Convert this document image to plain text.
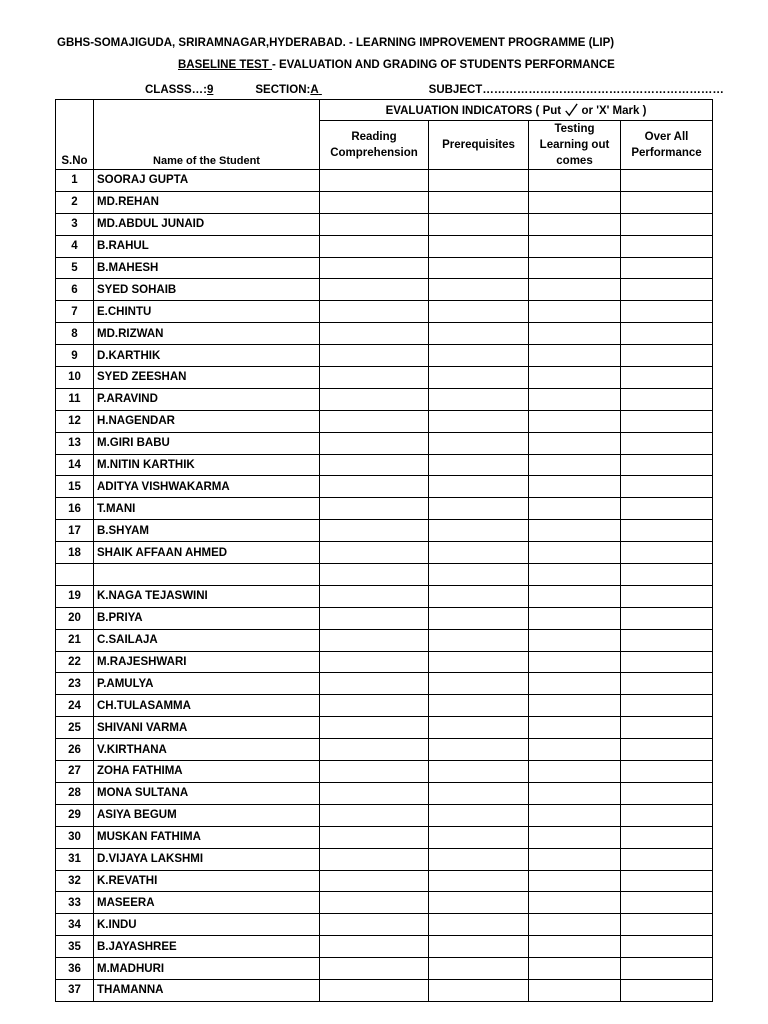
GBHS-SOMAJIGUDA, SRIRAMNAGAR,HYDERABAD. - LEARNING IMPROVEMENT PROGRAMME (LIP)
BASELINE TEST - EVALUATION AND GRADING OF STUDENTS PERFORMANCE
CLASSS…:9	SECTION:A	SUBJECT………………………………………………………
S.No	Name of the Student	EVALUATION INDICATORS ( Put or 'X' Mark )			
		Reading Comprehension	Prerequisites	Testing Learning out comes	Over All Performance
1	SOORAJ GUPTA				
2	MD.REHAN				
3	MD.ABDUL JUNAID				
4	B.RAHUL				
5	B.MAHESH				
6	SYED SOHAIB				
7	E.CHINTU				
8	MD.RIZWAN				
9	D.KARTHIK				
10	SYED ZEESHAN				
11	P.ARAVIND				
12	H.NAGENDAR				
13	M.GIRI BABU				
14	M.NITIN KARTHIK				
15	ADITYA VISHWAKARMA				
16	T.MANI				
17	B.SHYAM				
18	SHAIK AFFAAN AHMED				

19	K.NAGA TEJASWINI				
20	B.PRIYA				
21	C.SAILAJA				
22	M.RAJESHWARI				
23	P.AMULYA				
24	CH.TULASAMMA				
25	SHIVANI VARMA				
26	V.KIRTHANA				
27	ZOHA FATHIMA				
28	MONA SULTANA				
29	ASIYA BEGUM				
30	MUSKAN FATHIMA				
31	D.VIJAYA LAKSHMI				
32	K.REVATHI				
33	MASEERA				
34	K.INDU				
35	B.JAYASHREE				
36	M.MADHURI				
37	THAMANNA				
